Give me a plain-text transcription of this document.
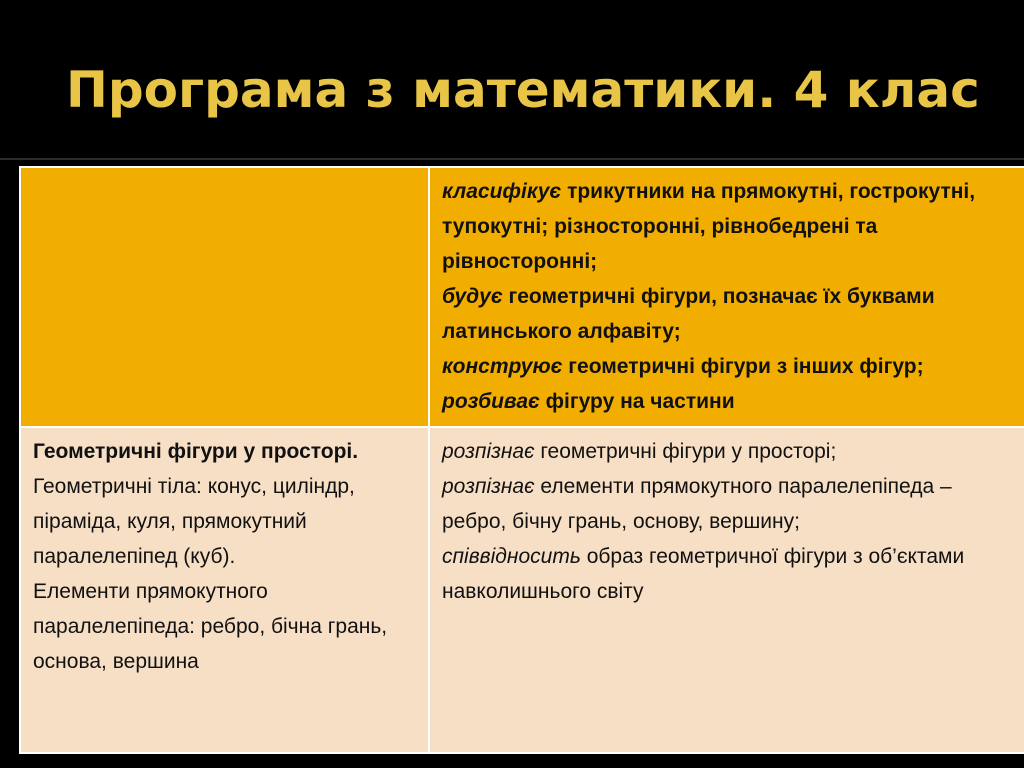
Програма з математики. 4 клас

	класифікує трикутники на прямокутні, гострокутні, тупокутні; різносторонні, рівнобедрені та рівносторонні;
будує геометричні фігури, позначає їх буквами латинського алфавіту;
конструює геометричні фігури з інших фігур;
розбиває фігуру на частини

Геометричні фігури у просторі.
Геометричні тіла: конус, циліндр, піраміда, куля, прямокутний паралелепіпед (куб).
Елементи прямокутного паралелепіпеда: ребро, бічна грань, основа, вершина	розпізнає геометричні фігури у просторі;
розпізнає елементи прямокутного паралелепіпеда – ребро, бічну грань, основу, вершину;
співвідносить образ геометричної фігури з об’єктами навколишнього світу
